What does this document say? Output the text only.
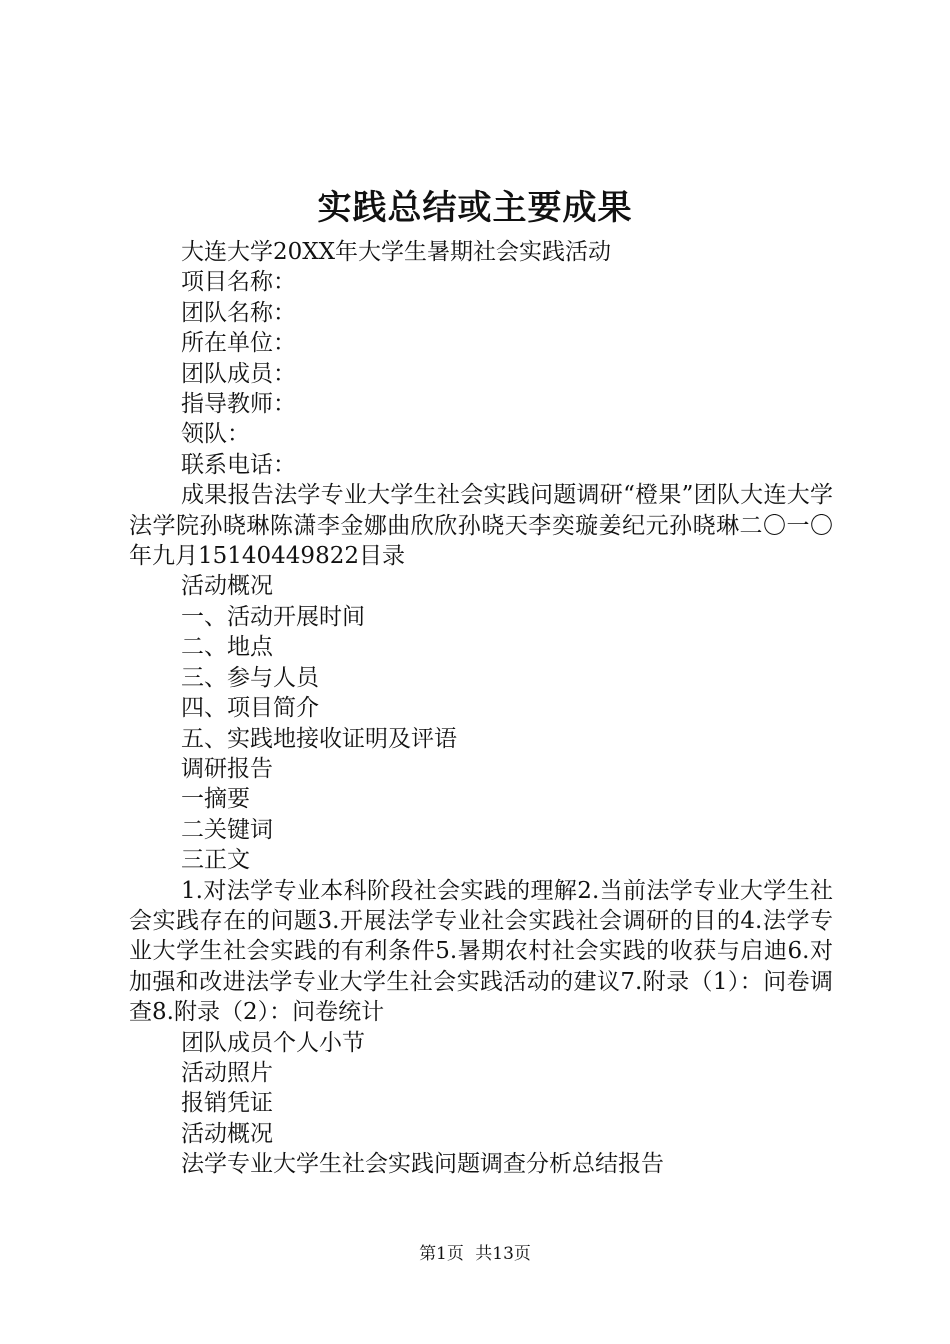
实践总结或主要成果

大连大学20XX年大学生暑期社会实践活动

项目名称：

团队名称：

所在单位：

团队成员：

指导教师：

领队：

联系电话：

成果报告法学专业大学生社会实践问题调研“橙果”团队大连大学法学院孙晓琳陈潇李金娜曲欣欣孙晓天李奕璇姜纪元孙晓琳二〇一〇年九月15140449822目录

活动概况

一、活动开展时间

二、地点

三、参与人员

四、项目简介

五、实践地接收证明及评语

调研报告

一摘要

二关键词

三正文

1.对法学专业本科阶段社会实践的理解2.当前法学专业大学生社会实践存在的问题3.开展法学专业社会实践社会调研的目的4.法学专业大学生社会实践的有利条件5.暑期农村社会实践的收获与启迪6.对加强和改进法学专业大学生社会实践活动的建议7.附录（1）：问卷调查8.附录（2）：问卷统计

团队成员个人小节

活动照片

报销凭证

活动概况

法学专业大学生社会实践问题调查分析总结报告

第1页 共13页
